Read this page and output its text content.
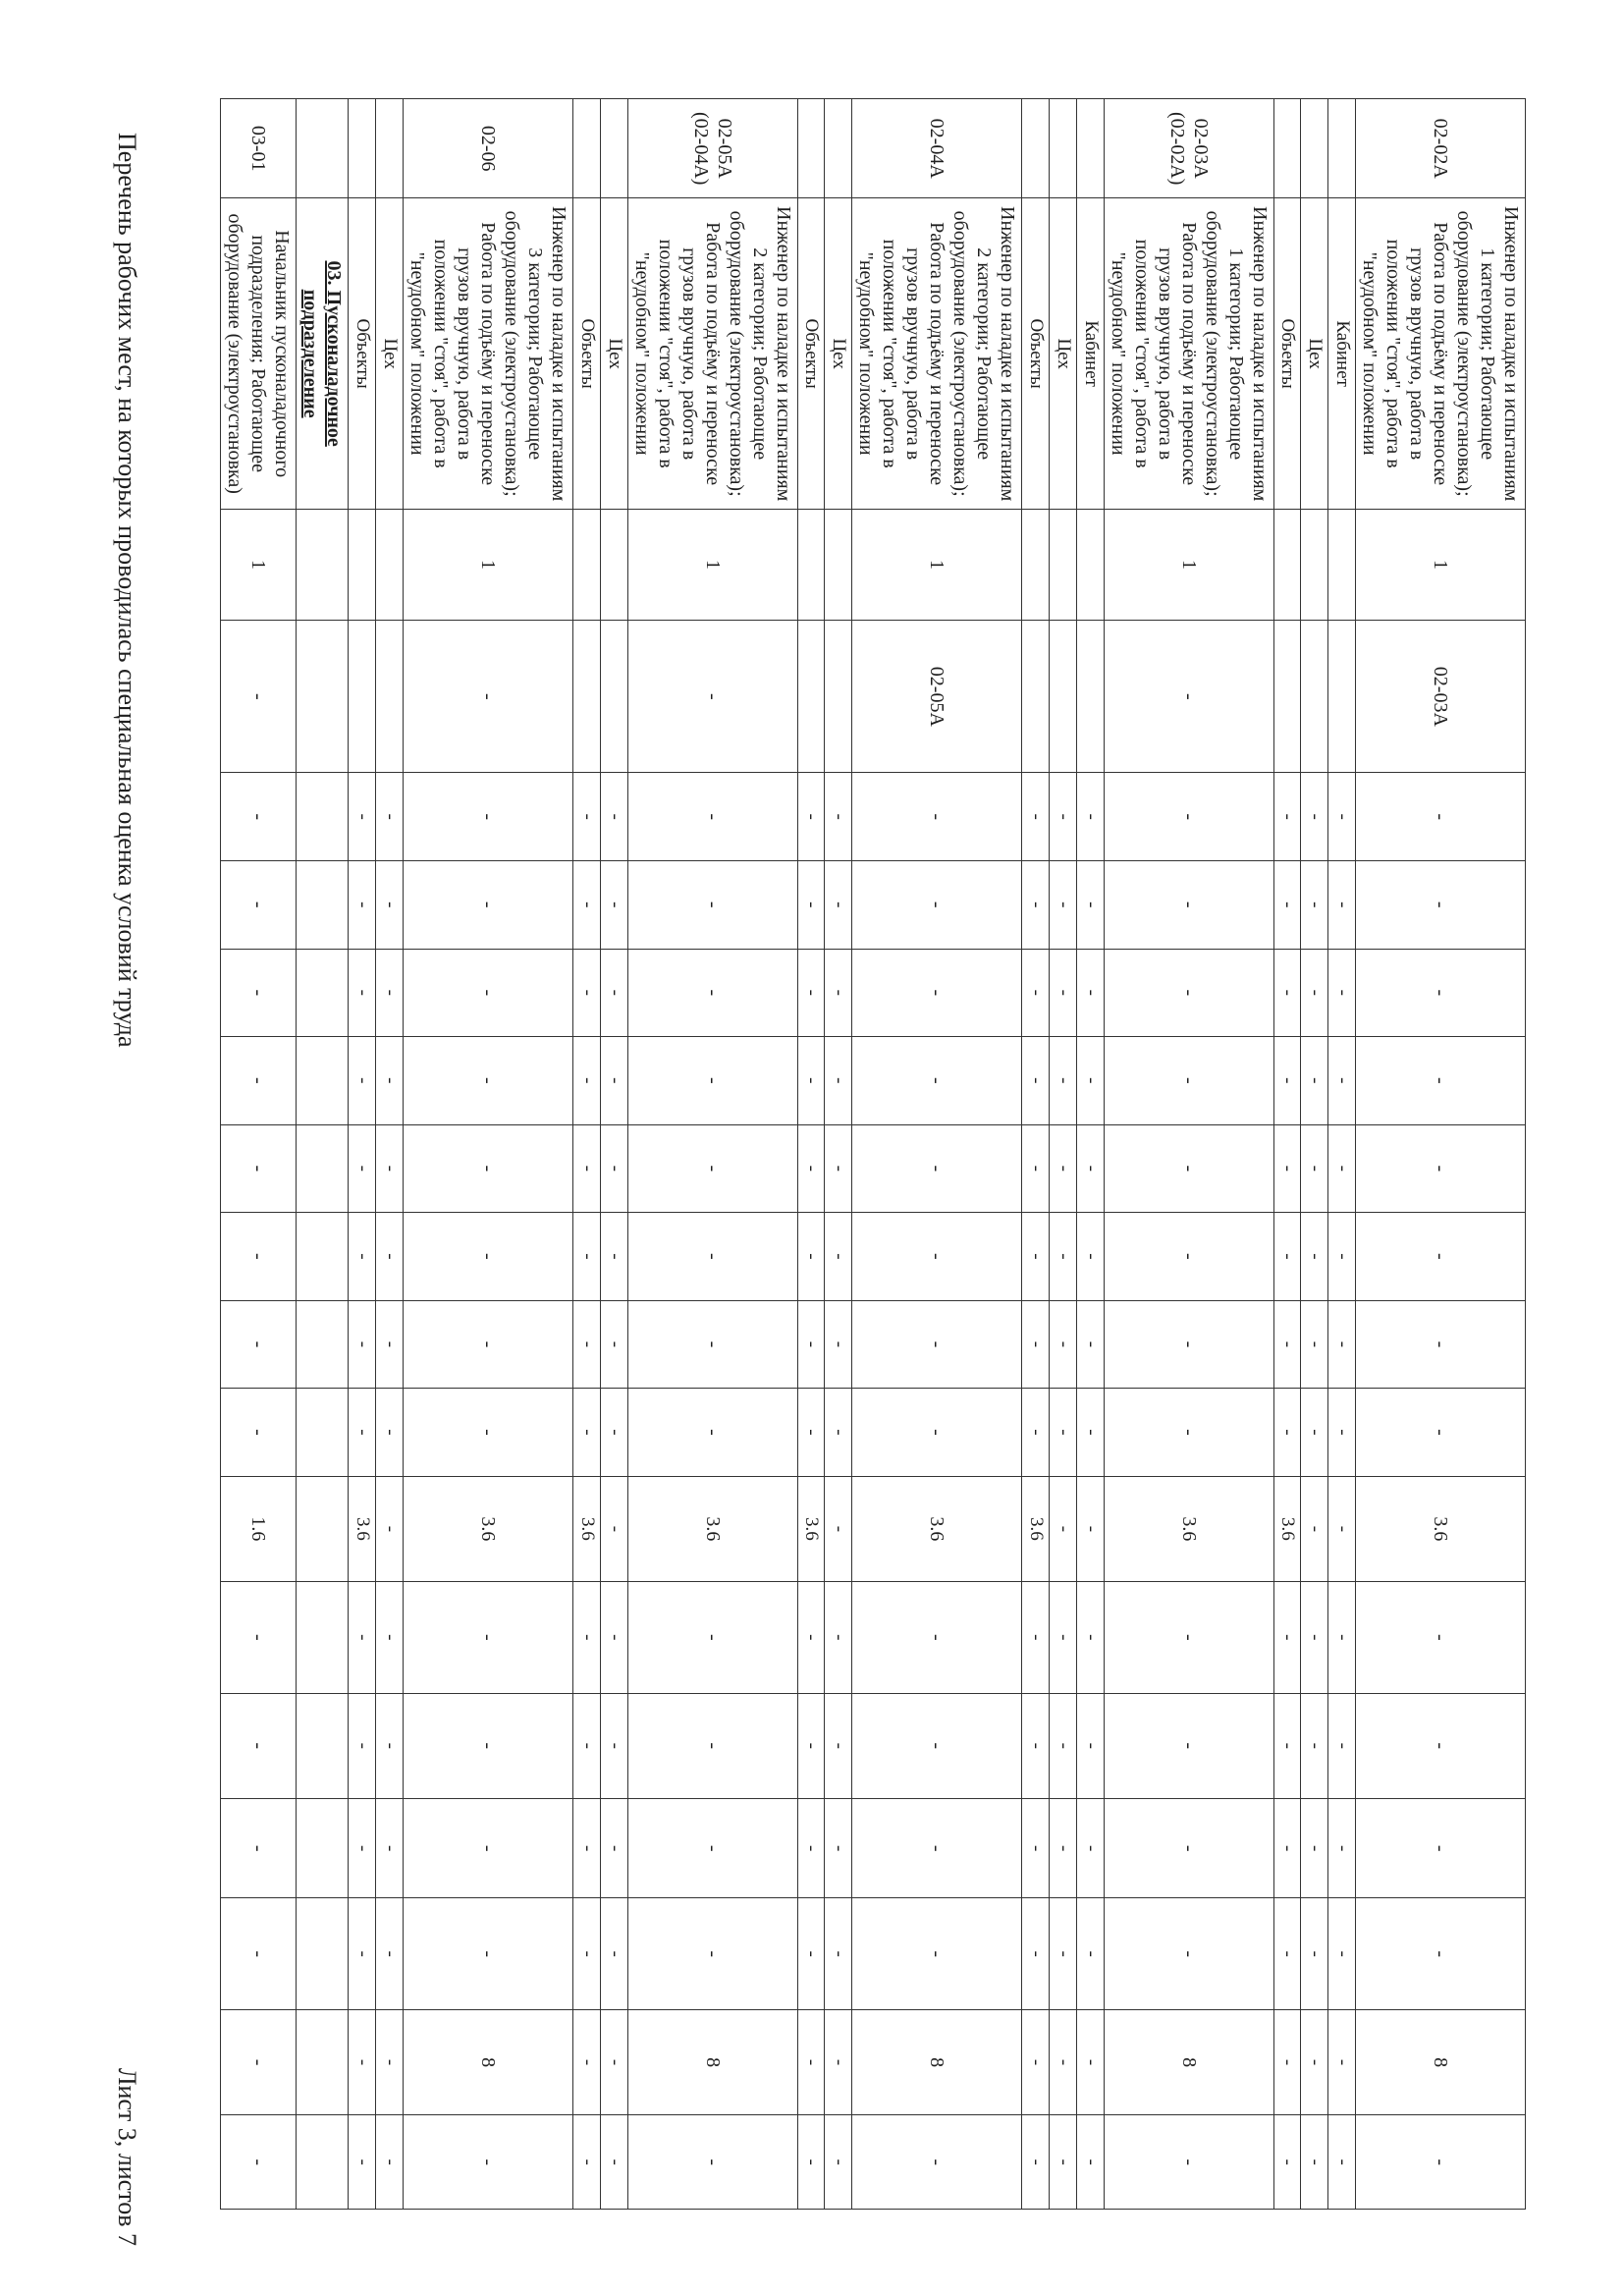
02-02А	Инженер по наладке и испытаниям 1 категории; Работающее оборудование (электроустановка); Работа по подъёму и переноске грузов вручную, работа в положении "стоя", работа в "неудобном" положении	1	02-03А	-	-	-	-	-	-	-	-	3.6	-	-	-	-	8	-
	Кабинет			-	-	-	-	-	-	-	-	-	-	-	-	-	-	-
	Цех			-	-	-	-	-	-	-	-	-	-	-	-	-	-	-
	Объекты			-	-	-	-	-	-	-	-	3.6	-	-	-	-	-	-
02-03А (02-02А)	Инженер по наладке и испытаниям 1 категории; Работающее оборудование (электроустановка); Работа по подъёму и переноске грузов вручную, работа в положении "стоя", работа в "неудобном" положении	1	-	-	-	-	-	-	-	-	-	3.6	-	-	-	-	8	-
	Кабинет			-	-	-	-	-	-	-	-	-	-	-	-	-	-	-
	Цех			-	-	-	-	-	-	-	-	-	-	-	-	-	-	-
	Объекты			-	-	-	-	-	-	-	-	3.6	-	-	-	-	-	-
02-04А	Инженер по наладке и испытаниям 2 категории; Работающее оборудование (электроустановка); Работа по подъёму и переноске грузов вручную, работа в положении "стоя", работа в "неудобном" положении	1	02-05А	-	-	-	-	-	-	-	-	3.6	-	-	-	-	8	-
	Цех			-	-	-	-	-	-	-	-	-	-	-	-	-	-	-
	Объекты			-	-	-	-	-	-	-	-	3.6	-	-	-	-	-	-
02-05А (02-04А)	Инженер по наладке и испытаниям 2 категории; Работающее оборудование (электроустановка); Работа по подъёму и переноске грузов вручную, работа в положении "стоя", работа в "неудобном" положении	1	-	-	-	-	-	-	-	-	-	3.6	-	-	-	-	8	-
	Цех			-	-	-	-	-	-	-	-	-	-	-	-	-	-	-
	Объекты			-	-	-	-	-	-	-	-	3.6	-	-	-	-	-	-
02-06	Инженер по наладке и испытаниям 3 категории; Работающее оборудование (электроустановка); Работа по подъёму и переноске грузов вручную, работа в положении "стоя", работа в "неудобном" положении	1	-	-	-	-	-	-	-	-	-	3.6	-	-	-	-	8	-
	Цех			-	-	-	-	-	-	-	-	-	-	-	-	-	-	-
	Объекты			-	-	-	-	-	-	-	-	3.6	-	-	-	-	-	-
	03. Пусконаладочное подразделение																	
03-01	Начальник пусконаладочного подразделения; Работающее оборудование (электроустановка)	1	-	-	-	-	-	-	-	-	-	1.6	-	-	-	-	-	-
Перечень рабочих мест, на которых проводилась специальная оценка условий труда
Лист 3, листов 7
